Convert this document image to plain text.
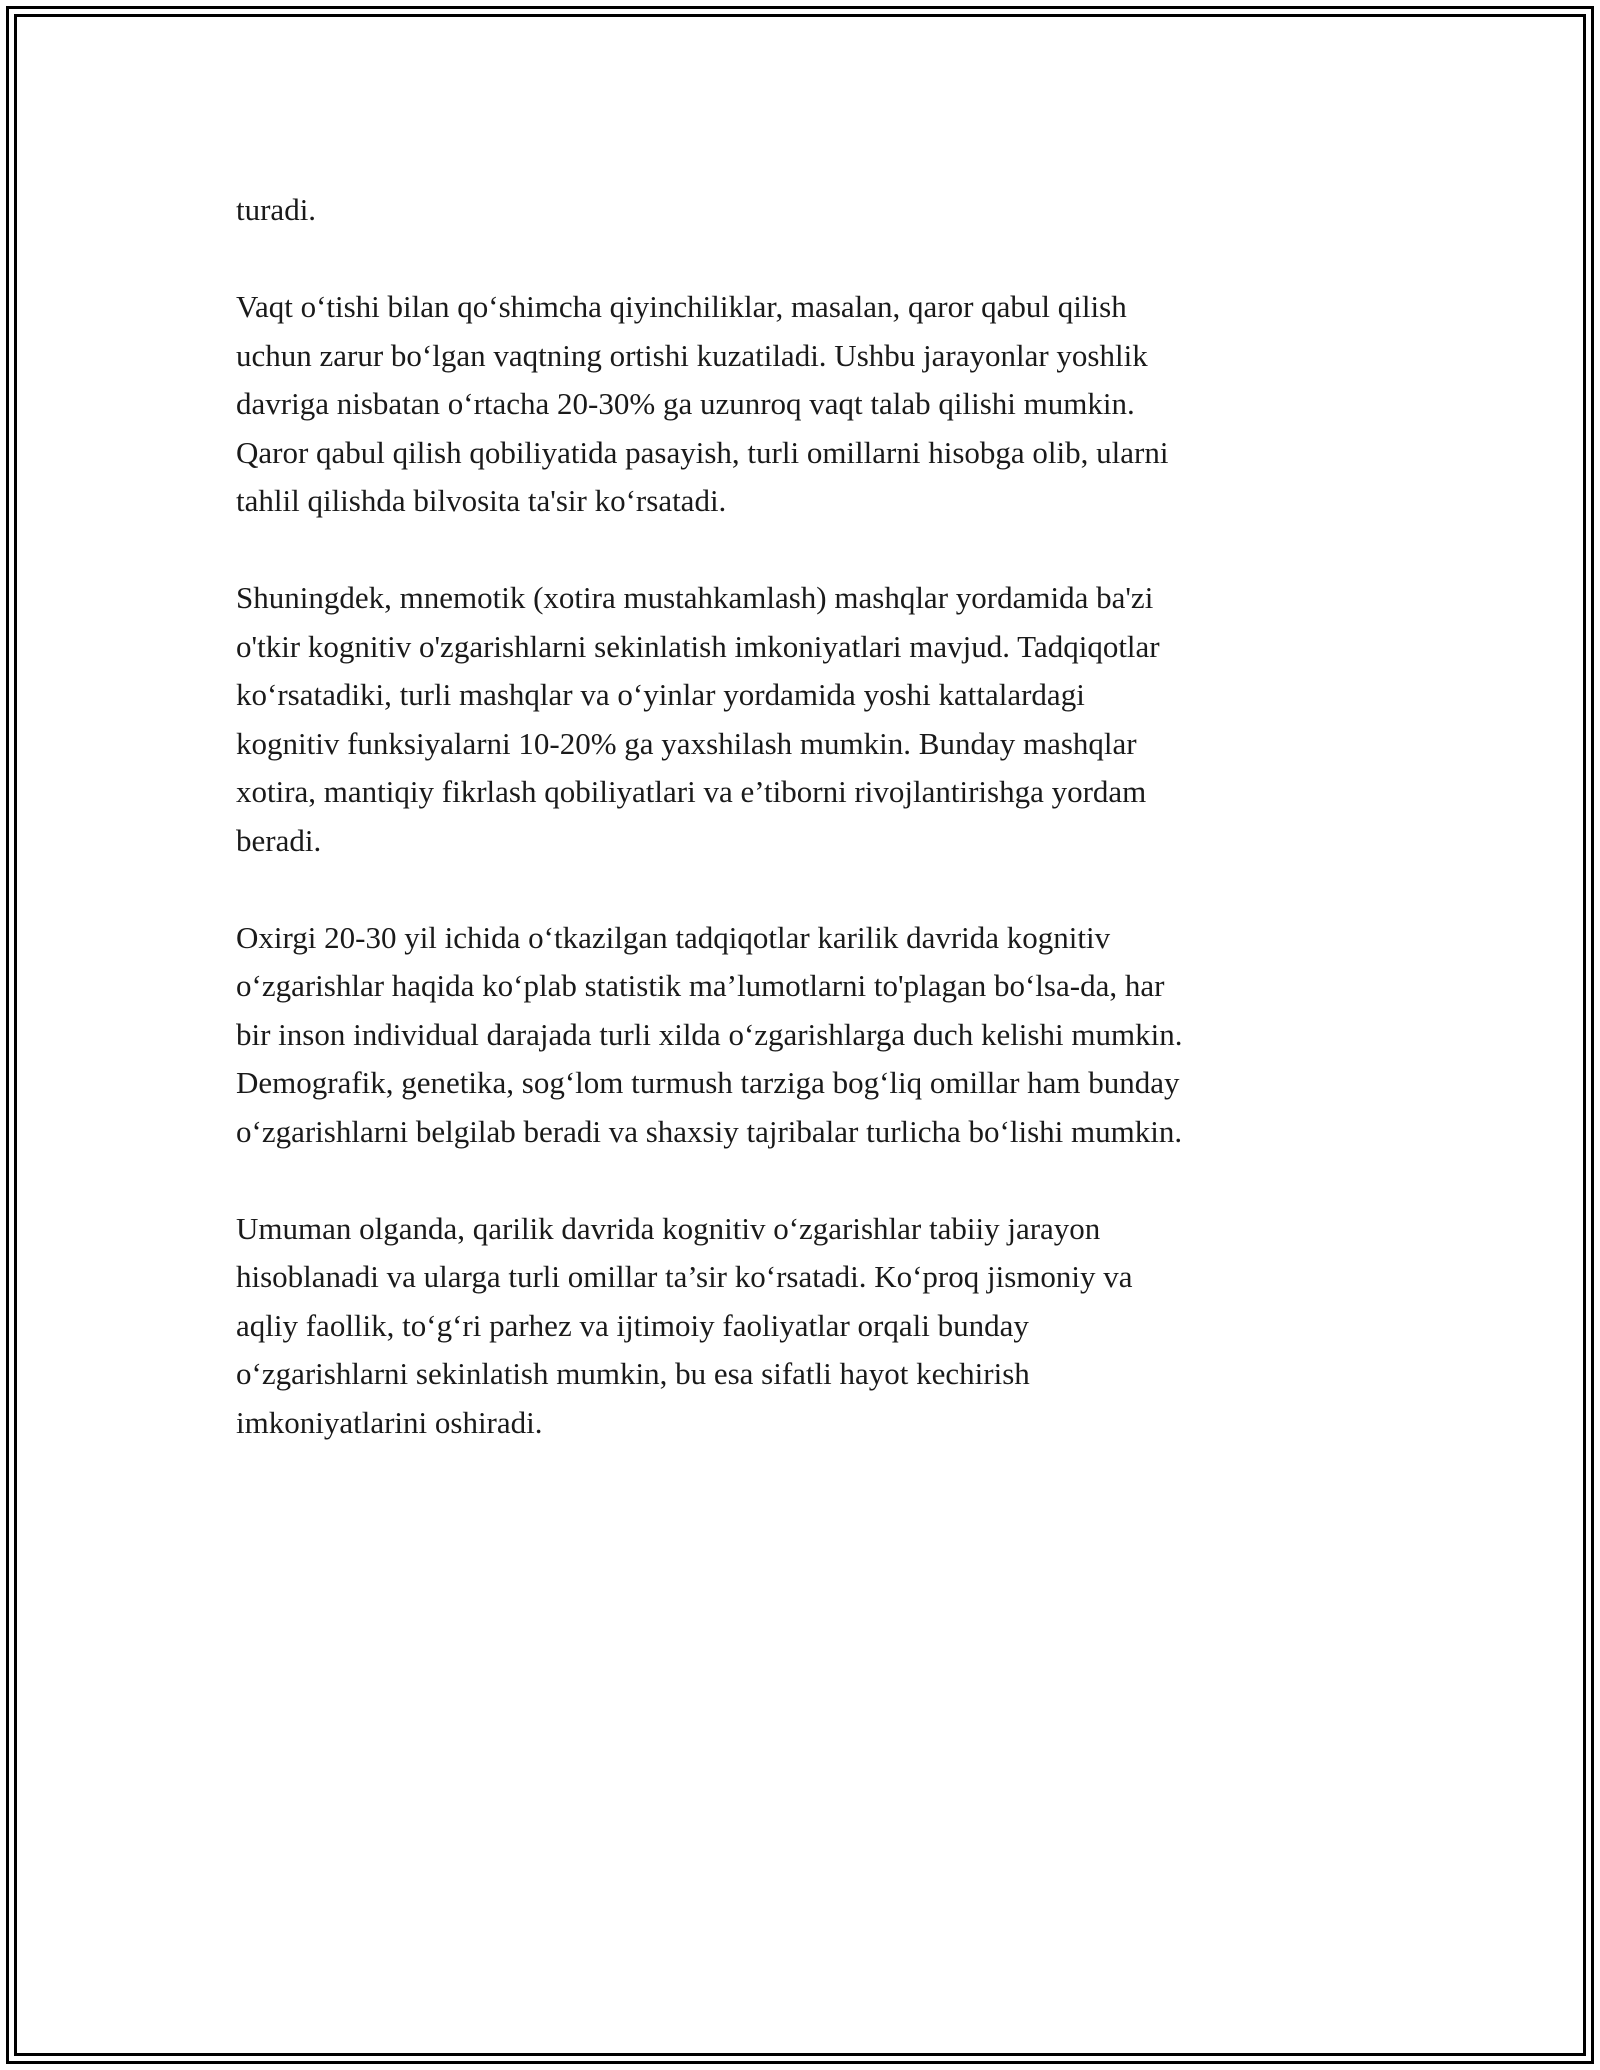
turadi.

Vaqt o‘tishi bilan qo‘shimcha qiyinchiliklar, masalan, qaror qabul qilish
uchun zarur bo‘lgan vaqtning ortishi kuzatiladi. Ushbu jarayonlar yoshlik
davriga nisbatan o‘rtacha 20-30% ga uzunroq vaqt talab qilishi mumkin.
Qaror qabul qilish qobiliyatida pasayish, turli omillarni hisobga olib, ularni
tahlil qilishda bilvosita ta'sir ko‘rsatadi.

Shuningdek, mnemotik (xotira mustahkamlash) mashqlar yordamida ba'zi
o'tkir kognitiv o'zgarishlarni sekinlatish imkoniyatlari mavjud. Tadqiqotlar
ko‘rsatadiki, turli mashqlar va o‘yinlar yordamida yoshi kattalardagi
kognitiv funksiyalarni 10-20% ga yaxshilash mumkin. Bunday mashqlar
xotira, mantiqiy fikrlash qobiliyatlari va e’tiborni rivojlantirishga yordam
beradi.

Oxirgi 20-30 yil ichida o‘tkazilgan tadqiqotlar karilik davrida kognitiv
o‘zgarishlar haqida ko‘plab statistik ma’lumotlarni to'plagan bo‘lsa-da, har
bir inson individual darajada turli xilda o‘zgarishlarga duch kelishi mumkin.
Demografik, genetika, sog‘lom turmush tarziga bog‘liq omillar ham bunday
o‘zgarishlarni belgilab beradi va shaxsiy tajribalar turlicha bo‘lishi mumkin.

Umuman olganda, qarilik davrida kognitiv o‘zgarishlar tabiiy jarayon
hisoblanadi va ularga turli omillar ta’sir ko‘rsatadi. Ko‘proq jismoniy va
aqliy faollik, to‘g‘ri parhez va ijtimoiy faoliyatlar orqali bunday
o‘zgarishlarni sekinlatish mumkin, bu esa sifatli hayot kechirish
imkoniyatlarini oshiradi.
